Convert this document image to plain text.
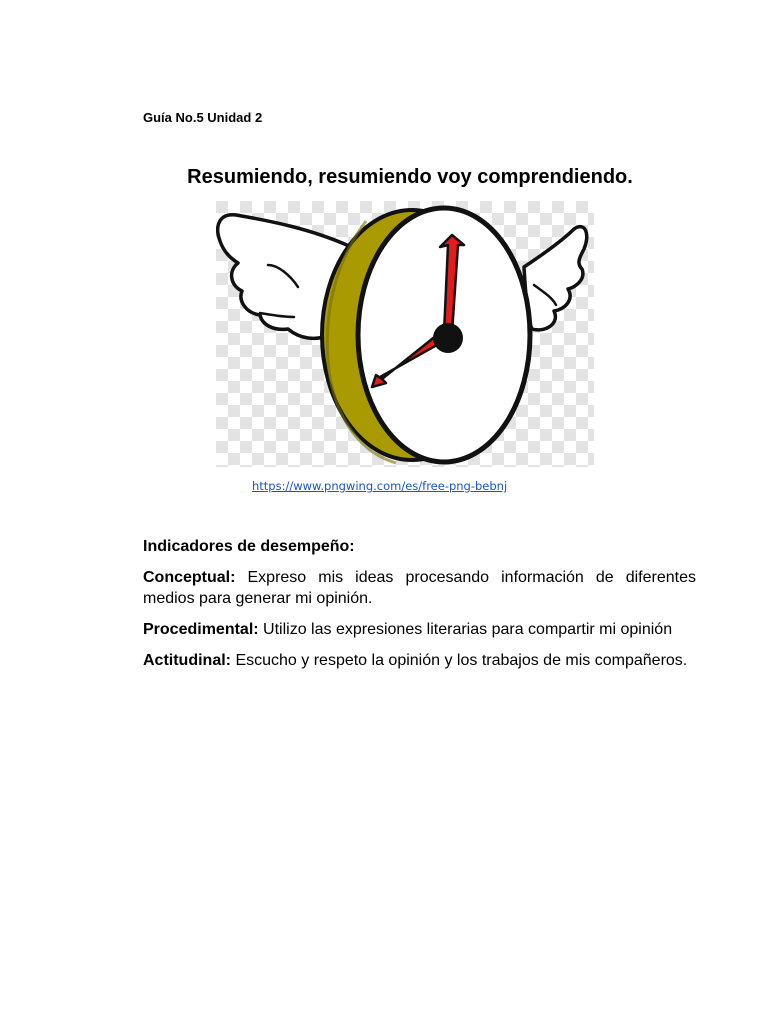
Guía No.5 Unidad 2
Resumiendo, resumiendo voy comprendiendo.
https://www.pngwing.com/es/free-png-bebnj

Indicadores de desempeño:

Conceptual: Expreso mis ideas procesando información de diferentes medios para generar mi opinión.

Procedimental: Utilizo las expresiones literarias para compartir mi opinión

Actitudinal: Escucho y respeto la opinión y los trabajos de mis compañeros.
